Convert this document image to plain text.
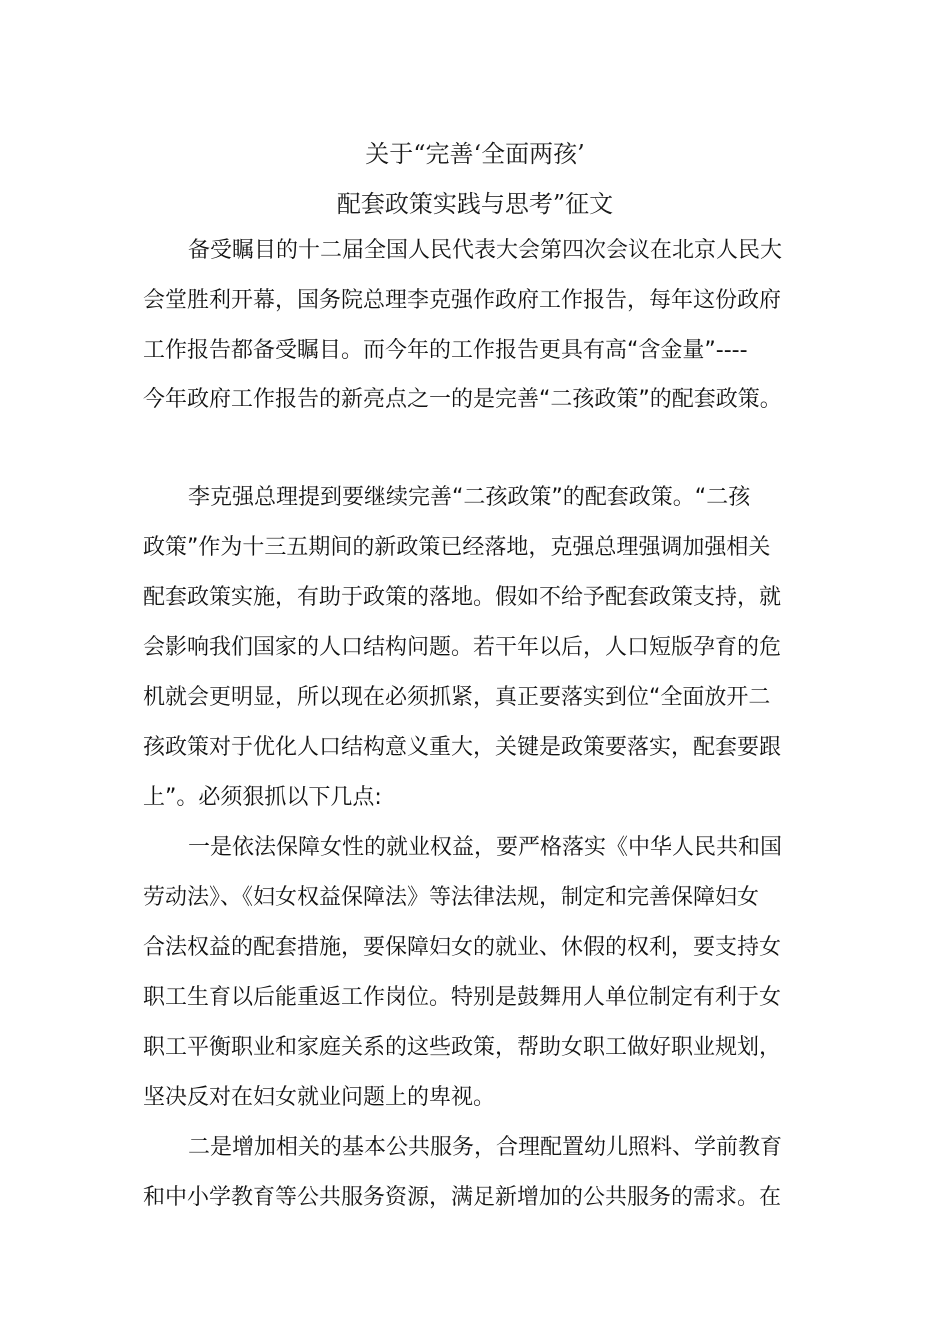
关于“完善‘全面两孩’
配套政策实践与思考”征文
备受瞩目的十二届全国人民代表大会第四次会议在北京人民大
会堂胜利开幕，国务院总理李克强作政府工作报告，每年这份政府
工作报告都备受瞩目。而今年的工作报告更具有高“含金量”----
今年政府工作报告的新亮点之一的是完善“二孩政策”的配套政策。
李克强总理提到要继续完善“二孩政策”的配套政策。“二孩
政策”作为十三五期间的新政策已经落地，克强总理强调加强相关
配套政策实施，有助于政策的落地。假如不给予配套政策支持，就
会影响我们国家的人口结构问题。若干年以后，人口短版孕育的危
机就会更明显，所以现在必须抓紧，真正要落实到位“全面放开二
孩政策对于优化人口结构意义重大，关键是政策要落实，配套要跟
上”。必须狠抓以下几点:
一是依法保障女性的就业权益，要严格落实《中华人民共和国
劳动法》、《妇女权益保障法》等法律法规，制定和完善保障妇女
合法权益的配套措施，要保障妇女的就业、休假的权利，要支持女
职工生育以后能重返工作岗位。特别是鼓舞用人单位制定有利于女
职工平衡职业和家庭关系的这些政策，帮助女职工做好职业规划，
坚决反对在妇女就业问题上的卑视。
二是增加相关的基本公共服务，合理配置幼儿照料、学前教育
和中小学教育等公共服务资源，满足新增加的公共服务的需求。在
